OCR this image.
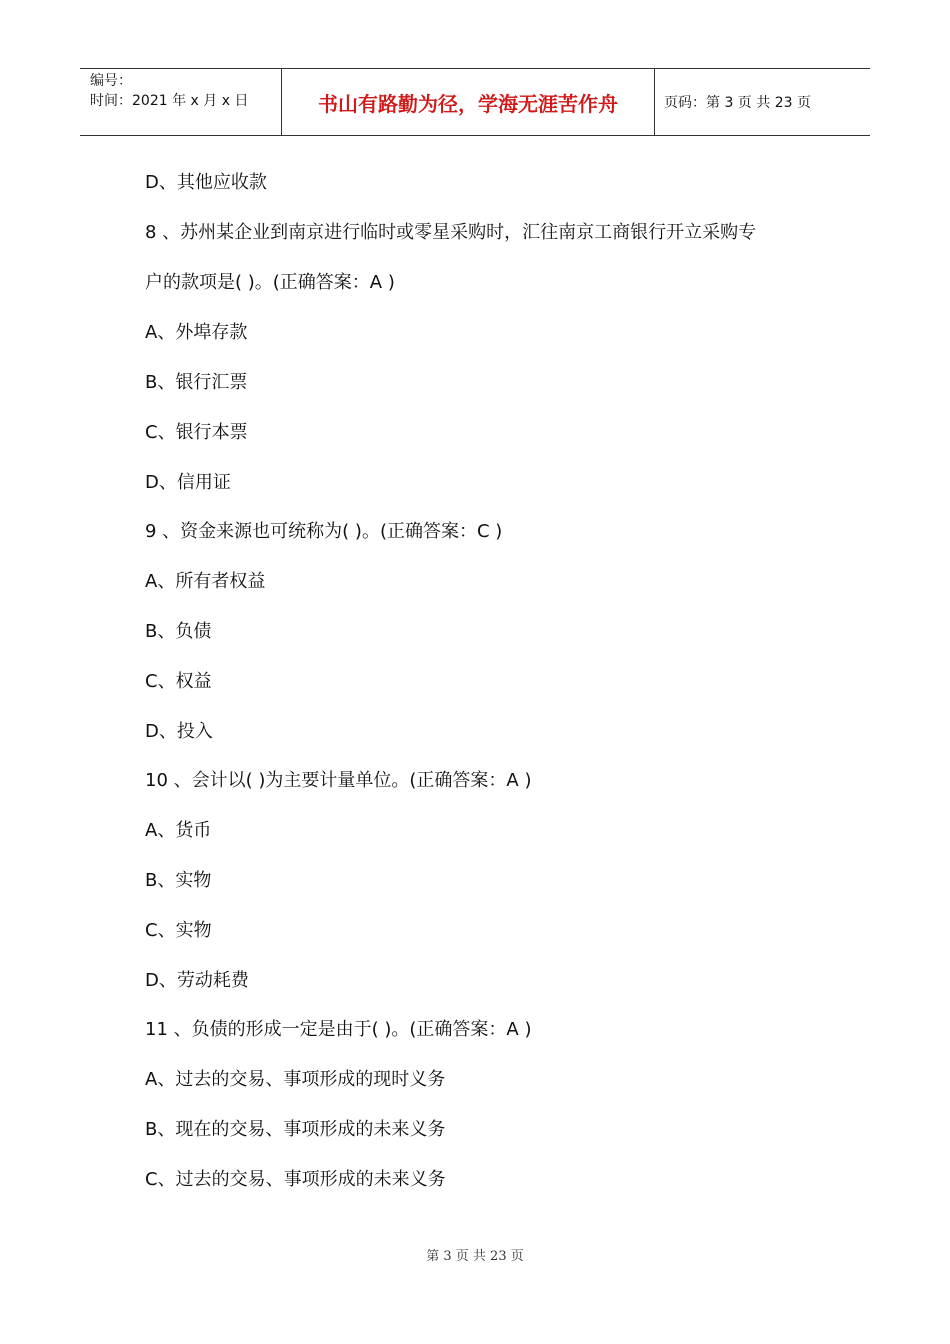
编号：
时间：2021 年 x 月 x 日	书山有路勤为径，学海无涯苦作舟	页码：第 3 页 共 23 页
D、其他应收款
8 、苏州某企业到南京进行临时或零星采购时，汇往南京工商银行开立采购专
户的款项是( )。(正确答案：A )
A、外埠存款
B、银行汇票
C、银行本票
D、信用证
9 、资金来源也可统称为( )。(正确答案：C )
A、所有者权益
B、负债
C、权益
D、投入
10 、会计以( )为主要计量单位。(正确答案：A )
A、货币
B、实物
C、实物
D、劳动耗费
11 、负债的形成一定是由于( )。(正确答案：A )
A、过去的交易、事项形成的现时义务
B、现在的交易、事项形成的未来义务
C、过去的交易、事项形成的未来义务
第 3 页 共 23 页
